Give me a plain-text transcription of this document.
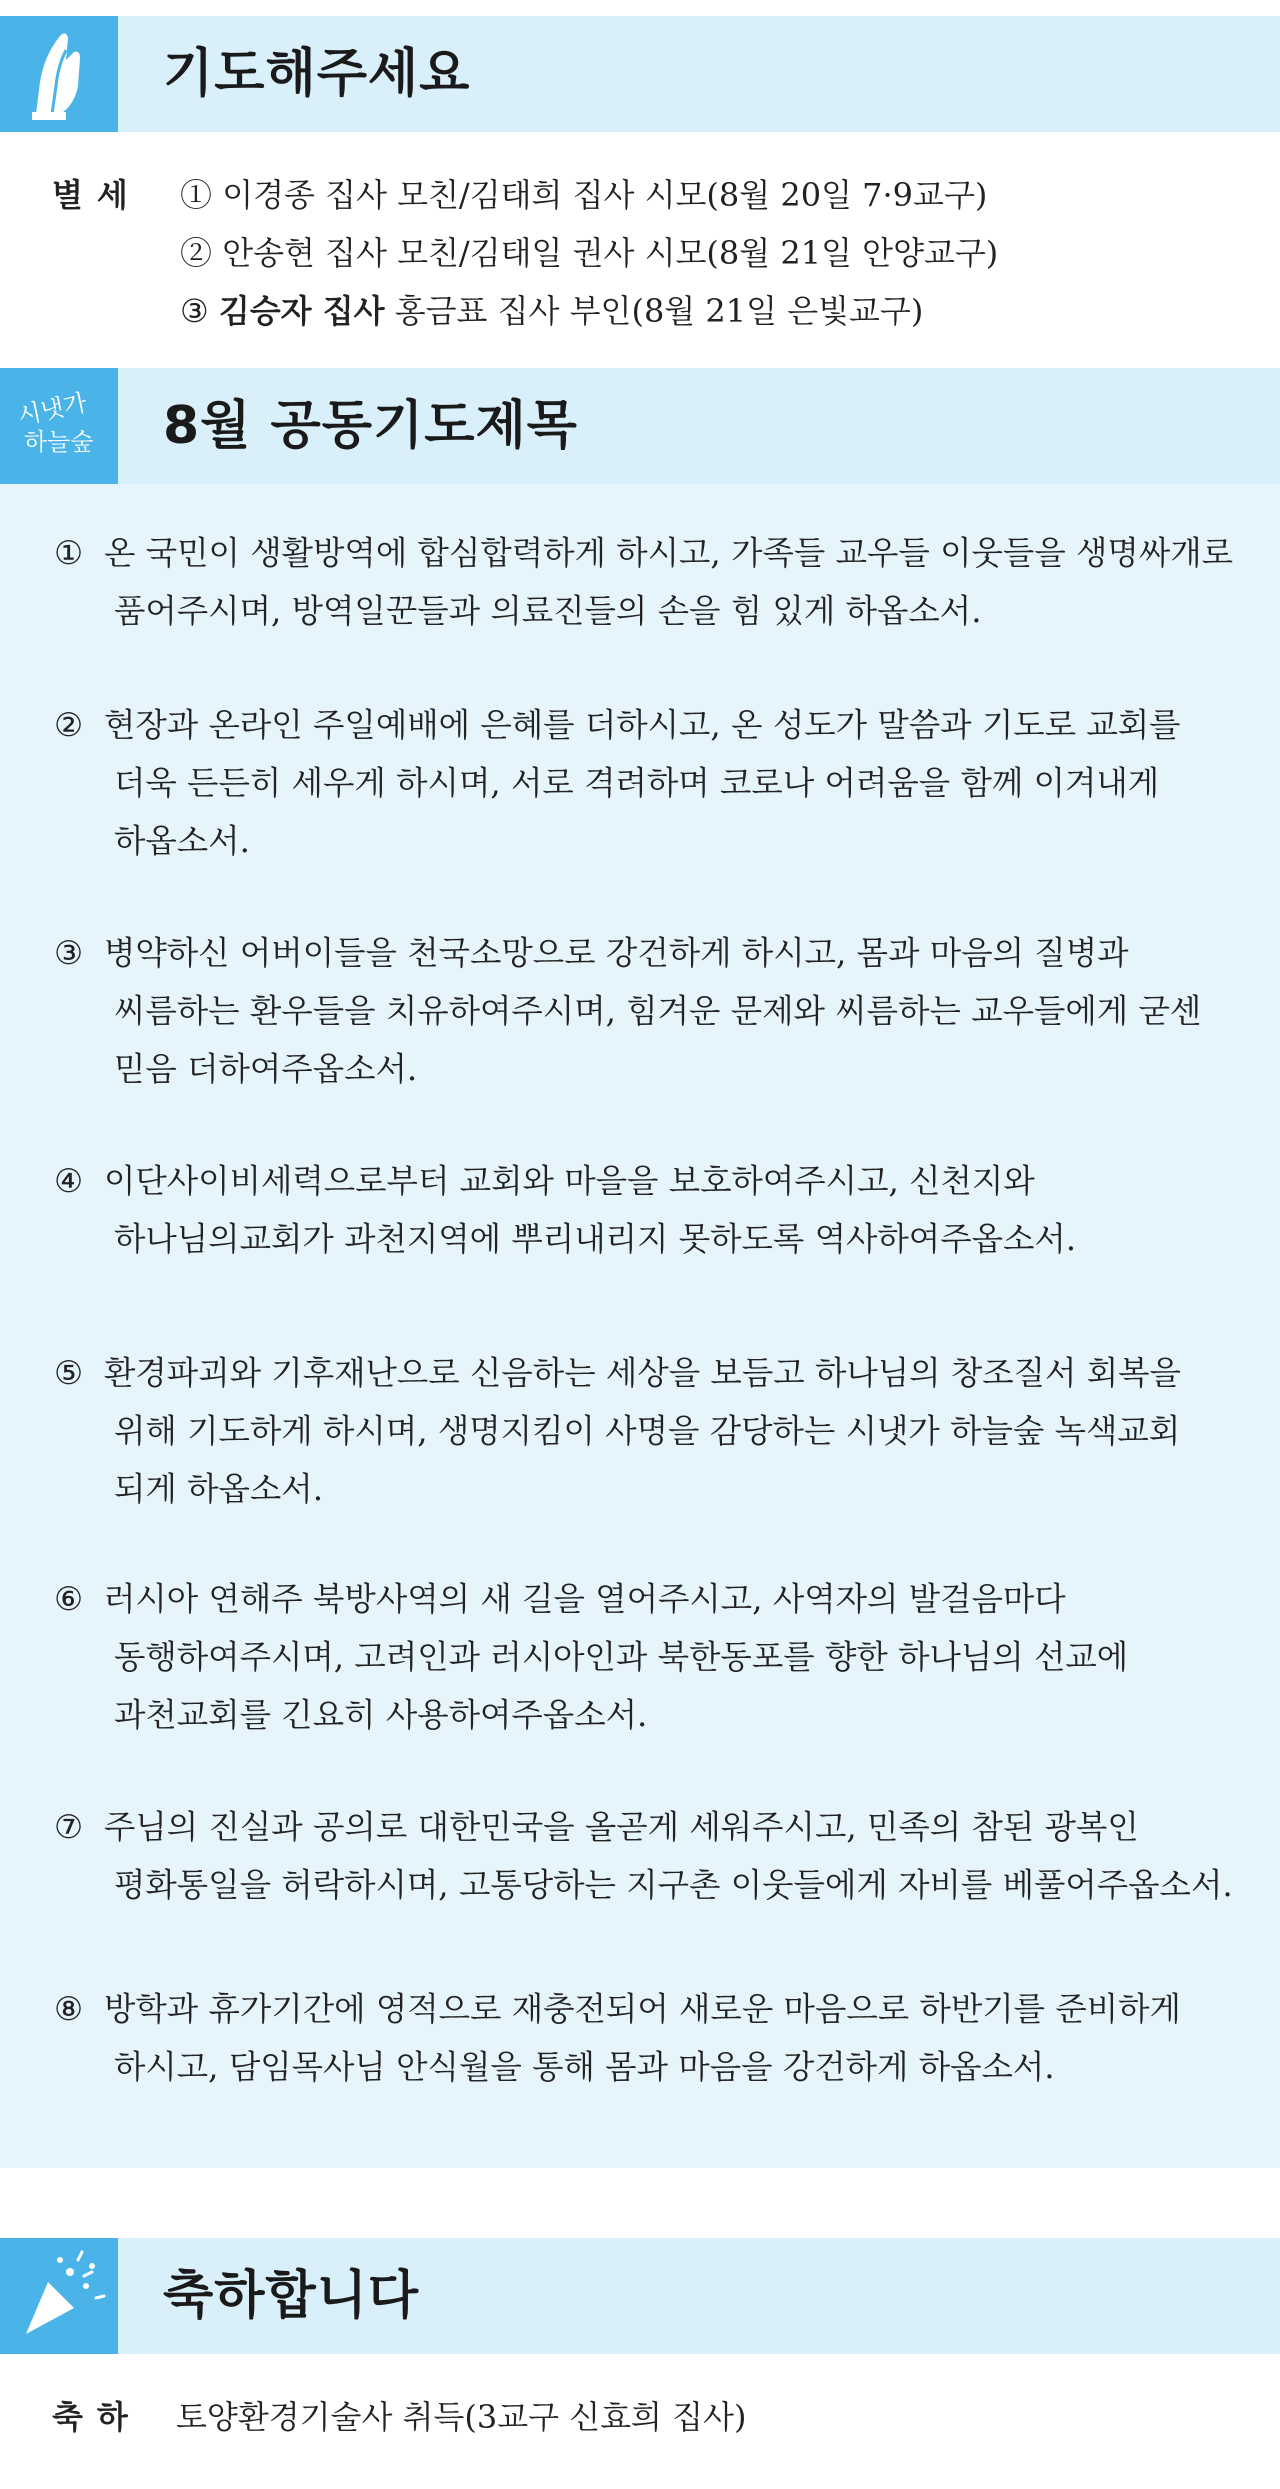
기도해주세요
별세 ① 이경종 집사 모친/김태희 집사 시모(8월 20일 7·9교구)
② 안송현 집사 모친/김태일 권사 시모(8월 21일 안양교구)
③ 김승자 집사 홍금표 집사 부인(8월 21일 은빛교구)
시냇가
하늘숲 8월 공동기도제목
① 온 국민이 생활방역에 합심합력하게 하시고, 가족들 교우들 이웃들을 생명싸개로
품어주시며, 방역일꾼들과 의료진들의 손을 힘 있게 하옵소서.
② 현장과 온라인 주일예배에 은혜를 더하시고, 온 성도가 말씀과 기도로 교회를
더욱 든든히 세우게 하시며, 서로 격려하며 코로나 어려움을 함께 이겨내게
하옵소서.
③ 병약하신 어버이들을 천국소망으로 강건하게 하시고, 몸과 마음의 질병과
씨름하는 환우들을 치유하여주시며, 힘겨운 문제와 씨름하는 교우들에게 굳센
믿음 더하여주옵소서.
④ 이단사이비세력으로부터 교회와 마을을 보호하여주시고, 신천지와
하나님의교회가 과천지역에 뿌리내리지 못하도록 역사하여주옵소서.
⑤ 환경파괴와 기후재난으로 신음하는 세상을 보듬고 하나님의 창조질서 회복을
위해 기도하게 하시며, 생명지킴이 사명을 감당하는 시냇가 하늘숲 녹색교회
되게 하옵소서.
⑥ 러시아 연해주 북방사역의 새 길을 열어주시고, 사역자의 발걸음마다
동행하여주시며, 고려인과 러시아인과 북한동포를 향한 하나님의 선교에
과천교회를 긴요히 사용하여주옵소서.
⑦ 주님의 진실과 공의로 대한민국을 올곧게 세워주시고, 민족의 참된 광복인
평화통일을 허락하시며, 고통당하는 지구촌 이웃들에게 자비를 베풀어주옵소서.
⑧ 방학과 휴가기간에 영적으로 재충전되어 새로운 마음으로 하반기를 준비하게
하시고, 담임목사님 안식월을 통해 몸과 마음을 강건하게 하옵소서.
축하합니다
축하 토양환경기술사 취득(3교구 신효희 집사)
